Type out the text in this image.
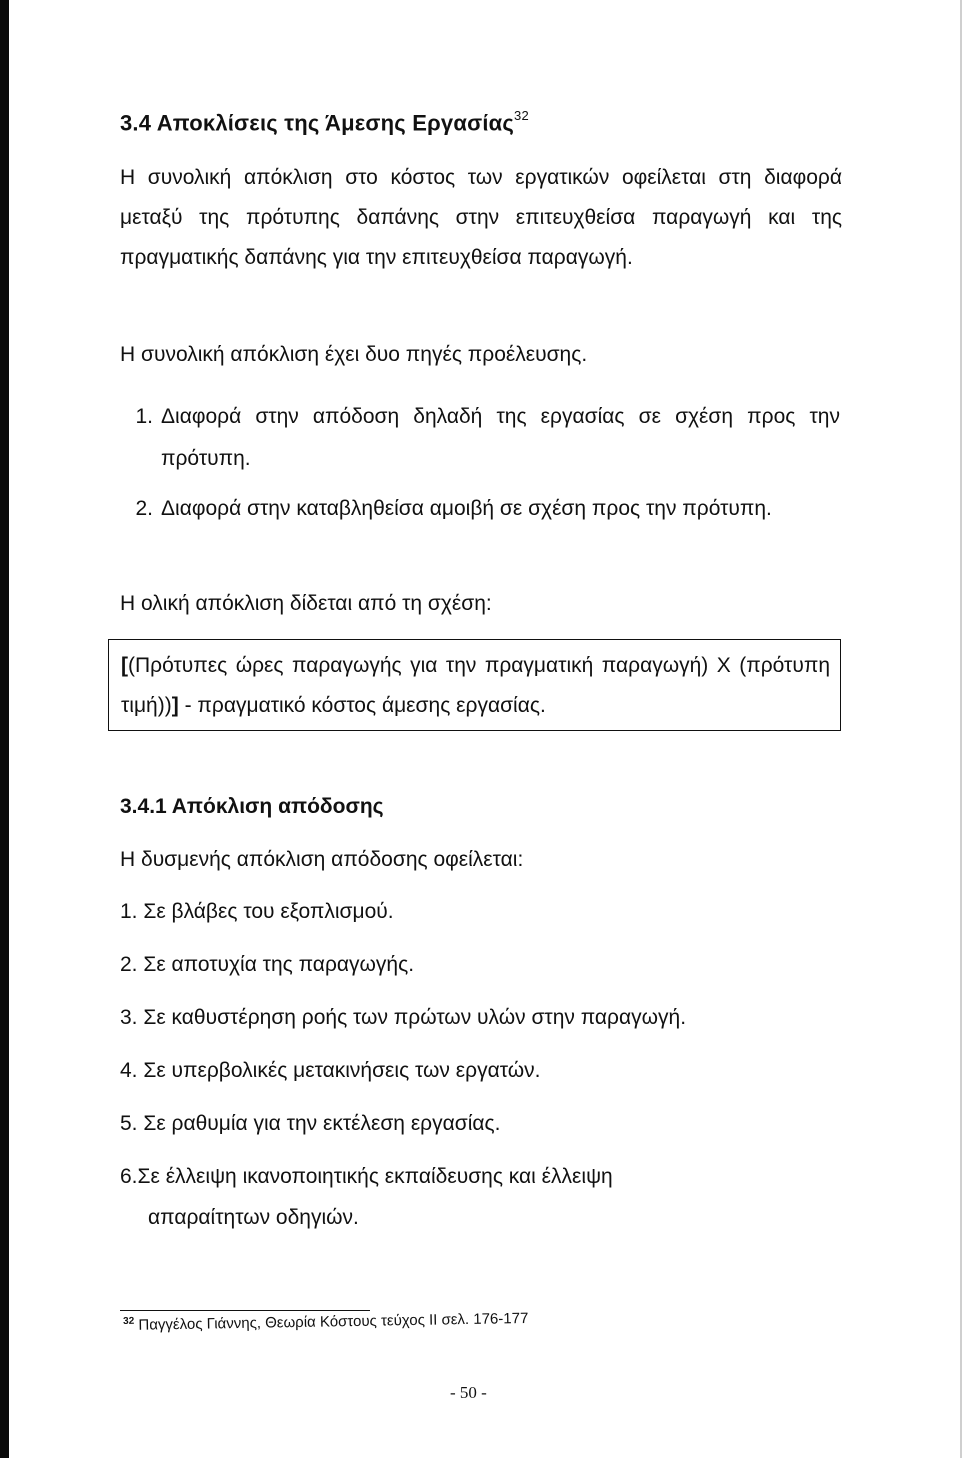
3.4 Αποκλίσεις της Άμεσης Εργασίας$^{32}$
Η συνολική απόκλιση στο κόστος των εργατικών οφείλεται στη διαφορά μεταξύ της πρότυπης δαπάνης στην επιτευχθείσα παραγωγή και της πραγματικής δαπάνης για την επιτευχθείσα παραγωγή.
Η συνολική απόκλιση έχει δυο πηγές προέλευσης.
1. Διαφορά στην απόδοση δηλαδή της εργασίας σε σχέση προς την πρότυπη.
2. Διαφορά στην καταβληθείσα αμοιβή σε σχέση προς την πρότυπη.
Η ολική απόκλιση δίδεται από τη σχέση:
[(Πρότυπες ώρες παραγωγής για την πραγματική παραγωγή) Χ (πρότυπη τιμή))] - πραγματικό κόστος άμεσης εργασίας.
3.4.1 Απόκλιση απόδοσης
Η δυσμενής απόκλιση απόδοσης οφείλεται:
1. Σε βλάβες του εξοπλισμού.
2. Σε αποτυχία της παραγωγής.
3. Σε καθυστέρηση ροής των πρώτων υλών στην παραγωγή.
4. Σε υπερβολικές μετακινήσεις των εργατών.
5. Σε ραθυμία για την εκτέλεση εργασίας.
6.Σε έλλειψη ικανοποιητικής εκπαίδευσης και έλλειψη
απαραίτητων οδηγιών.
$^{32}$ Παγγέλος Γιάννης, Θεωρία Κόστους τεύχος ΙΙ σελ. 176-177
- 50 -
